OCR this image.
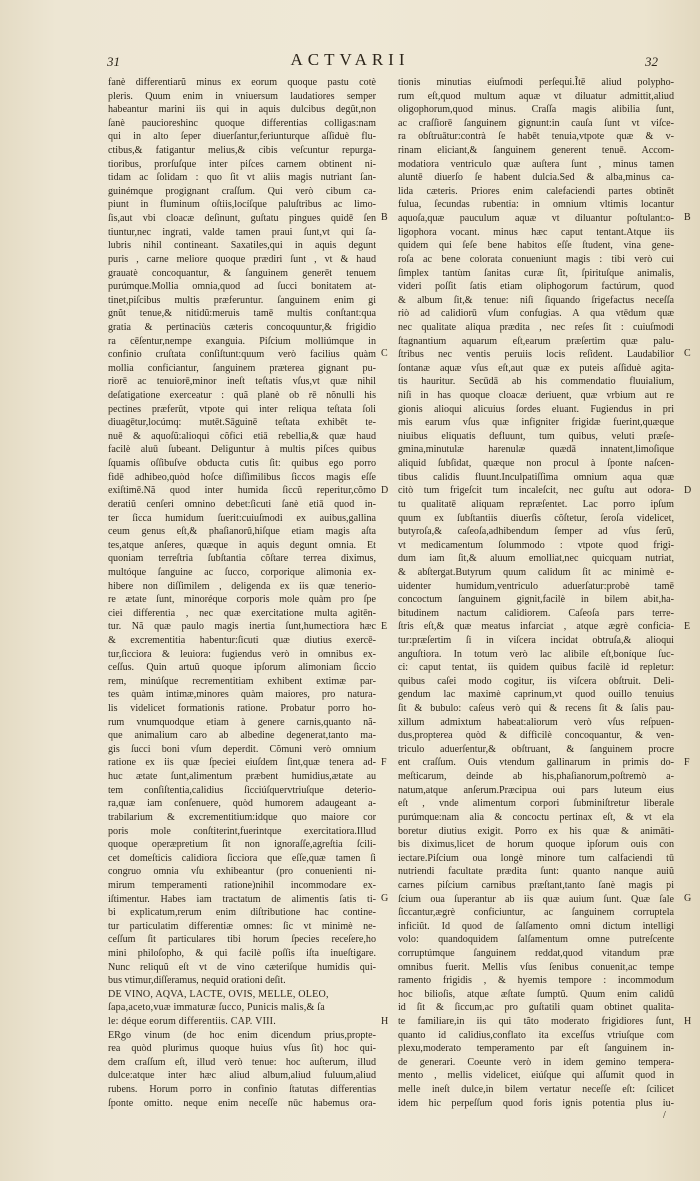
31	ACTVARII	32
fanè differentiarũ minus ex eorum quoque pastu cotè
pleris. Quum enim in vniuersum laudatiores semper
habeantur marini iis qui in aquis dulcibus degũt,non
ſanè paucioreshinc quoque differentias colligas:nam
qui in alto ſeper diuerſantur,feriunturque aſſiduè flu-
ctibus,& fatigantur melius,& cibis veſcuntur repurga-
tioribus, prorſuſque inter piſces carnem obtinent ni-
tidam ac ſolidam : quo ſit vt aliis magis nutriant ſan-
guinémque progignant craſſum. Qui verò cibum ca-
piunt in fluminum oſtiis,locíſque paluſtribus ac limo-
ſis,aut vbi cloacæ deſinunt, guſtatu pingues quidē ſen
tiuntur,nec ingrati, valde tamen praui ſunt,vt qui ſa-
lubris nihil contineant. Saxatiles,qui in aquis degunt
puris , carne meliore quoque prædiri ſunt , vt & haud
grauatè concoquantur, & ſanguinem generēt tenuem
purúmque.Mollia omnia,quod ad ſucci bonitatem at-
tinet,piſcibus multis præferuntur. ſanguinem enim gi
gnũt tenue,& nitidũ:meruis tamē multis conſtant:qua
gratia & pertinaciùs cæteris concoquuntur,& frigidio
ra cēſentur,nempe exanguia. Piſcium molliúmque in
confinio cruſtata conſiſtunt:quum verò facilius quàm
mollia conficiantur, ſanguinem præterea gignant pu-
riorē ac tenuiorē,minor ineſt teſtatis vſus,vt quæ nihil
deſatigatione exerceatur : quã planè ob rē nõnulli his
pectines præferũt, vtpote qui inter reliqua teſtata ſoli
diuagētur,locúmq: mutēt.Sāguinē teſtata exhibēt te-
nuē & aquoſũ:alioqui cõfici etiā rebellia,& quæ haud
facilè aluū ſubeant. Deliguntur à multis piſces quibus
ſquamis oſſibuſve obducta cutis ſit: quibus ego porro
fidē adhibeo,quòd hoſce diſſimilibus ſiccos magis eſſe
exiſtimē.Nã quod inter humida ſiccũ reperitur,cõmo
deratiũ cenſeri omnino debet:ſicuti ſanè etiā quod in-
ter ſicca humidum ſuerit:cuiuſmodi ex auibus,gallina
ceum genus eſt,& phaſianorũ,hiſque etiam magis aſta
tes,atque anſeres, quæque in aquis degunt omnia. Et
quoniam terreſtria ſubſtantia cõſtare terrea diximus,
multóque ſanguine ac ſucco, corporique alimonia ex-
hibere non diſſimilem , deligenda ex iis quæ tenerio-
re ætate ſunt, minoréque corporis mole quàm pro ſpe
ciei differentia , nec quæ exercitatione multa agitēn-
tur. Nã quæ paulo magis inertia ſunt,humectiora hæc
& excrementitia habentur:ſicuti quæ diutius exercē-
tur,ſicciora & leuiora: fugiendus verò in omnibus ex-
ceſſus. Quin artuũ quoque ipſorum alimoniam ſiccio
rem, minúſque recrementitiam exhibent extimæ par-
tes quàm intimæ,minores quàm maiores, pro natura-
lis videlicet formationis ratione. Probatur porro ho-
rum vnumquodque etiam à genere carnis,quanto nã-
que animalium caro ab albedine degenerat,tanto ma-
gis ſucci boni vſum deperdit. Cõmuni verò omnium
ratione ex iis quæ ſpeciei eiuſdem ſint,quæ tenera ad-
huc ætate ſunt,alimentum præbent humidius,ætate au
tem conſiſtentia,calidius ſicciúſquervtriuſque deterio-
ra,quæ iam conſenuere, quòd humorem adaugeant a-
trabilarium & excrementitium:idque quo maiore cor
poris mole conſtiterint,fuerintque exercitatiora.Illud
quoque operæpretium ſit non ignoraſſe,agreſtia ſcili-
cet domeſticis calidiora ſicciora que eſſe,quæ tamen ſi
congruo omnia vſu exhibeantur (pro conuenienti ni-
mirum temperamenti ratione)nihil incommodare ex-
iſtimentur. Habes iam tractatum de alimentis ſatis ti-
bi explicatum,rerum enim diſtributione hac contine-
tur particulatim differentiæ omnes: ſic vt minimè ne-
ceſſum ſit particulares tibi horum ſpecies receſere,ho
mini philoſopho, & qui facilè poſſis iſta inueſtigare.
Nunc reliquũ eſt vt de vino cæteriſque humidis qui-
bus vtimur,diſſeramus, nequid orationi deſit.
DE VINO, AQVA, LACTE, OVIS, MELLE, OLEO,
ſapa,aceto,vuæ immaturæ ſucco, Punicis malis,& ſa
le: déque eorum differentiis. CAP. VIII.
ERgo vinum (de hoc enim dicendum prius,propte-
rea quòd plurimus quoque huius vſus ſit) hoc qui-
dem craſſum eſt, illud verò tenue: hoc auſterum, illud
dulce:atque inter hæc aliud album,aliud fuluum,aliud
rubens. Horum porro in confinio ſtatutas differentias
ſponte omitto. neque enim neceſſe nūc habemus ora-
tionis minutias eiuſmodi perſequi.Ĩtē aliud polypho-
rum eſt,quod multum aquæ vt diluatur admittit,aliud
oligophorum,quod minus. Craſſa magis alibilia ſunt,
ac craſſiorē ſanguinem gignunt:in cauſa ſunt vt viſce-
ra obſtruātur:contrà ſe habēt tenuia,vtpote quæ & v-
rinam eliciant,& ſanguinem generent tenuē. Accom-
modatiora ventriculo quæ auſtera ſunt , minus tamen
aluntē diuerſo ſe habent dulcia.Sed & alba,minus ca-
lida cæteris. Priores enim calefaciendi partes obtinēt
fulua, ſecundas rubentia: in omnium vltimis locantur
aquoſa,quæ pauculum aquæ vt diluantur poſtulant:o-
ligophora vocant. minus hæc caput tentant.Atque iis
quidem qui ſeſe bene habitos eſſe ſtudent, vina gene-
roſa ac bene colorata conueniunt magis : tibi verò cui
ſimplex tantùm ſanitas curæ ſit, ſpirituſque animalis,
videri poſſit ſatis etiam oliphogorum factúrum, quod
& album ſit,& tenue: niſi ſiquando ſrigefactus neceſſa
riò ad calidiorū vſum confugias. A qua vtēdum quæ
nec qualitate aliqua prædita , nec reſes ſit : cuiuſmodi
ſtagnantium aquarum eſt,earum præſertim quæ palu-
ſtribus nec ventis peruiis locis reſident. Laudabilior
ſontanæ aquæ vſus eſt,aut quæ ex puteis aſſiduè agita-
tis hauritur. Secūdā ab his commendatio fluuialium,
niſi in has quoque cloacæ deriuent, quæ vrbium aut re
gionis alioqui alicuius ſordes eluant. Fugiendus in pri
mis earum vſus quæ infigniter frigidæ fuerint,quæque
niuibus eliquatis defluunt, tum quibus, veluti præſe-
gmina,minutulæ harenulæ quædā innatent,limoſique
aliquid ſubſidat, quæque non procul à ſponte naſcen-
tibus calidis fluunt.Inculpatiſſima omnium aqua quæ
citò tum frigeſcit tum incaleſcit, nec guſtu aut odora-
tu qualitatē aliquam repræſentet. Lac porro ipſum
quum ex ſubſtantiis diuerſis cõſtetur, ſeroſa videlicet,
butyroſa,& caſeoſa,adhibendum ſemper ad vſus ſerũ,
vt medicamentum ſolummodo : vtpote quod frigi-
dum iam ſit,& aluum emolliat,nec quicquam nutriat,
& abſtergat.Butyrum quum calidum ſit ac minimè e-
uidenter humidum,ventriculo aduerſatur:probè tamē
concoctum ſanguinem gignit,facilè in bilem abit,ha-
bitudinem nactum calidiorem. Caſeoſa pars terre-
ſtris eſt,& quæ meatus infarciat , atque ægrè conficia-
tur:præſertim ſi in viſcera incidat obtruſa,& alioqui
anguſtiora. In totum verò lac alibile eſt,boníque ſuc-
ci: caput tentat, iis quidem quibus facilè id repletur:
quibus caſei modo cogitur, iis viſcera obſtruit. Deli-
gendum lac maximè caprinum,vt quod ouillo tenuius
ſit & bubulo: caſeus verò qui & recens ſit & ſalis pau-
xillum admixtum habeat:aliorum verò vſus reſpuen-
dus,propterea quòd & difficilè concoquantur, & ven-
triculo aduerſentur,& obſtruant, & ſanguinem procre
ent craſſum. Ouis vtendum gallinarum in primis do-
meſticarum, deinde ab his,phaſianorum,poſtremò a-
natum,atque anſerum.Præcipua oui pars luteum eius
eſt , vnde alimentum corpori ſubminiſtretur liberale
purúmque:nam alia & concoctu pertinax eſt, & vt ela
boretur diutius exigit. Porro ex his quæ & animāti-
bis diximus,licet de horum quoque ipſorum ouis con
iectare.Piſcium oua longè minore tum calfaciendi tū
nutriendi facultate prædita ſunt: quanto nanque auiũ
carnes piſcium carnibus præſtant,tanto ſanè magis pi
ſcium oua ſuperantur ab iis quæ auium ſunt. Quæ ſale
ſiccantur,ægrè conficiuntur, ac ſanguinem corruptela
inficiũt. Id quod de ſalſamento omni dictum intelligi
volo: quandoquidem ſalſamentum omne putreſcente
corruptúmque ſanguinem reddat,quod vitandum præ
omnibus fuerit. Mellis vſus ſenibus conuenit,ac tempe
ramento frigidis , & hyemis tempore : incommodum
hoc bilioſis, atque æſtate ſumptũ. Quum enim calidũ
id ſit & ſiccum,ac pro guſtatili quam obtinet qualita-
te familiare,in iis qui tãto moderato frigidiores ſunt,
quanto id calidius,conflato ita exceſſus vtriuſque com
plexu,moderato temperamento par eſt ſanguinem in-
de generari. Coeunte verò in idem gemino tempera-
mento , mellis videlicet, eiúſque qui aſſumit quod in
melle ineſt dulce,in bilem vertatur neceſſe eſt: ſcilicet
idem hic perpeſſum quod foris ignis potentia plus iu-
B
C
D
E
F
G
H
B
C
D
E
F
G
H
/
